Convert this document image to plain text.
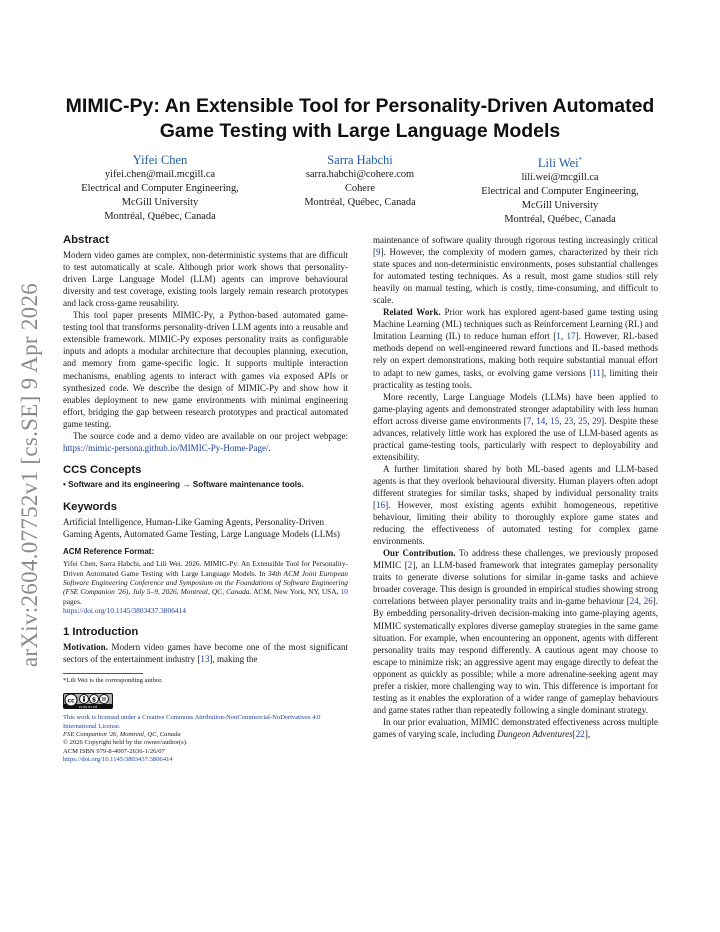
arXiv:2604.07752v1 [cs.SE] 9 Apr 2026
MIMIC-Py: An Extensible Tool for Personality-Driven Automated
Game Testing with Large Language Models
Yifei Chen
yifei.chen@mail.mcgill.ca
Electrical and Computer Engineering,
McGill University
Montréal, Québec, Canada
Sarra Habchi
sarra.habchi@cohere.com
Cohere
Montréal, Québec, Canada
Lili Wei*
lili.wei@mcgill.ca
Electrical and Computer Engineering,
McGill University
Montréal, Québec, Canada
Abstract

Modern video games are complex, non-deterministic systems that are difficult to test automatically at scale. Although prior work shows that personality-driven Large Language Model (LLM) agents can improve behavioural diversity and test coverage, existing tools largely remain research prototypes and lack cross-game reusability.

This tool paper presents MIMIC-Py, a Python-based automated game-testing tool that transforms personality-driven LLM agents into a reusable and extensible framework. MIMIC-Py exposes personality traits as configurable inputs and adopts a modular architecture that decouples planning, execution, and memory from game-specific logic. It supports multiple interaction mechanisms, enabling agents to interact with games via exposed APIs or synthesized code. We describe the design of MIMIC-Py and show how it enables deployment to new game environments with minimal engineering effort, bridging the gap between research prototypes and practical automated game testing.

The source code and a demo video are available on our project webpage: https://mimic-persona.github.io/MIMIC-Py-Home-Page/.

CCS Concepts

• Software and its engineering → Software maintenance tools.

Keywords

Artificial Intelligence, Human-Like Gaming Agents, Personality-Driven Gaming Agents, Automated Game Testing, Large Language Models (LLMs)

ACM Reference Format:

Yifei Chen, Sarra Habchi, and Lili Wei. 2026. MIMIC-Py: An Extensible Tool for Personality-Driven Automated Game Testing with Large Language Models. In 34th ACM Joint European Software Engineering Conference and Symposium on the Foundations of Software Engineering (FSE Companion '26), July 5–9, 2026, Montreal, QC, Canada. ACM, New York, NY, USA, 10 pages.
https://doi.org/10.1145/3803437.3806414

1 Introduction

Motivation. Modern video games have become one of the most significant sectors of the entertainment industry [13], making the

*Lili Wei is the corresponding author.

cc	$
cc by nc nd

This work is licensed under a Creative Commons Attribution-NonCommercial-NoDerivatives 4.0 International License.

FSE Companion '26, Montreal, QC, Canada

© 2026 Copyright held by the owner/author(s).

ACM ISBN 979-8-4007-2636-1/26/07

https://doi.org/10.1145/3803437.3806414

maintenance of software quality through rigorous testing increasingly critical [9]. However, the complexity of modern games, characterized by their rich state spaces and non-deterministic environments, poses substantial challenges for automated testing techniques. As a result, most game studios still rely heavily on manual testing, which is costly, time-consuming, and difficult to scale.

Related Work. Prior work has explored agent-based game testing using Machine Learning (ML) techniques such as Reinforcement Learning (RL) and Imitation Learning (IL) to reduce human effort [1, 17]. However, RL-based methods depend on well-engineered reward functions and IL-based methods rely on expert demonstrations, making both require substantial manual effort to adapt to new games, tasks, or evolving game versions [11], limiting their practicality as testing tools.

More recently, Large Language Models (LLMs) have been applied to game-playing agents and demonstrated stronger adaptability with less human effort across diverse game environments [7, 14, 15, 23, 25, 29]. Despite these advances, relatively little work has explored the use of LLM-based agents as practical game-testing tools, particularly with respect to deployability and extensibility.

A further limitation shared by both ML-based agents and LLM-based agents is that they overlook behavioural diversity. Human players often adopt different strategies for similar tasks, shaped by individual personality traits [16]. However, most existing agents exhibit homogeneous, repetitive behaviour, limiting their ability to thoroughly explore game states and reducing the effectiveness of automated testing for complex game environments.

Our Contribution. To address these challenges, we previously proposed MIMIC [2], an LLM-based framework that integrates gameplay personality traits to generate diverse solutions for similar in-game tasks and achieve broader coverage. This design is grounded in empirical studies showing strong correlations between player personality traits and in-game behaviour [24, 26]. By embedding personality-driven decision-making into game-playing agents, MIMIC systematically explores diverse gameplay strategies in the same game situation. For example, when encountering an opponent, agents with different personality traits may respond differently. A cautious agent may choose to escape to minimize risk; an aggressive agent may engage directly to defeat the opponent as quickly as possible; while a more adrenaline-seeking agent may prefer a riskier, more challenging way to win. This difference is important for testing as it enables the exploration of a wider range of gameplay behaviours and game states rather than repeatedly following a single dominant strategy.

In our prior evaluation, MIMIC demonstrated effectiveness across multiple games of varying scale, including Dungeon Adventures[22],
